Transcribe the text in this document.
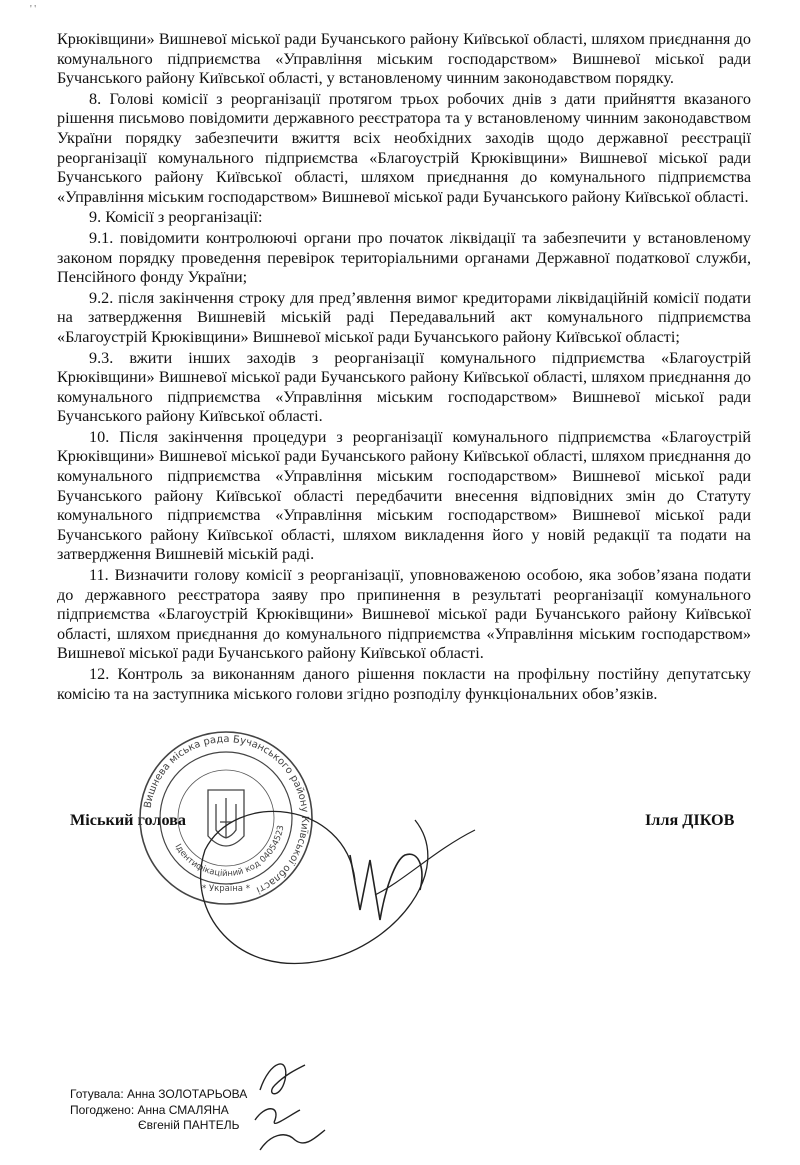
' '

Крюківщини» Вишневої міської ради Бучанського району Київської області, шляхом приєднання до комунального підприємства «Управління міським господарством» Вишневої міської ради Бучанського району Київської області, у встановленому чинним законодавством порядку.

8. Голові комісії з реорганізації протягом трьох робочих днів з дати прийняття вказаного рішення письмово повідомити державного реєстратора та у встановленому чинним законодавством України порядку забезпечити вжиття всіх необхідних заходів щодо державної реєстрації реорганізації комунального підприємства «Благоустрій Крюківщини» Вишневої міської ради Бучанського району Київської області, шляхом приєднання до комунального підприємства «Управління міським господарством» Вишневої міської ради Бучанського району Київської області.

9. Комісії з реорганізації:

9.1. повідомити контролюючі органи про початок ліквідації та забезпечити у встановленому законом порядку проведення перевірок територіальними органами Державної податкової служби, Пенсійного фонду України;

9.2. після закінчення строку для пред’явлення вимог кредиторами ліквідаційній комісії подати на затвердження Вишневій міській раді Передавальний акт комунального підприємства «Благоустрій Крюківщини» Вишневої міської ради Бучанського району Київської області;

9.3. вжити інших заходів з реорганізації комунального підприємства «Благоустрій Крюківщини» Вишневої міської ради Бучанського району Київської області, шляхом приєднання до комунального підприємства «Управління міським господарством» Вишневої міської ради Бучанського району Київської області.

10. Після закінчення процедури з реорганізації комунального підприємства «Благоустрій Крюківщини» Вишневої міської ради Бучанського району Київської області, шляхом приєднання до комунального підприємства «Управління міським господарством» Вишневої міської ради Бучанського району Київської області передбачити внесення відповідних змін до Статуту комунального підприємства «Управління міським господарством» Вишневої міської ради Бучанського району Київської області, шляхом викладення його у новій редакції та подати на затвердження Вишневій міській раді.

11. Визначити голову комісії з реорганізації, уповноваженою особою, яка зобов’язана подати до державного реєстратора заяву про припинення в результаті реорганізації комунального підприємства «Благоустрій Крюківщини» Вишневої міської ради Бучанського району Київської області, шляхом приєднання до комунального підприємства «Управління міським господарством» Вишневої міської ради Бучанського району Київської області.

12. Контроль за виконанням даного рішення покласти на профільну постійну депутатську комісію та на заступника міського голови згідно розподілу функціональних обов’язків.

Міський голова	Ілля ДІКОВ
Вишнева міська рада Бучанського району Київської області
Ідентифікаційний код 04054523
* Україна *
Готувала: Анна ЗОЛОТАРЬОВА
Погоджено: Анна СМАЛЯНА
Євгеній ПАНТЕЛЬ
